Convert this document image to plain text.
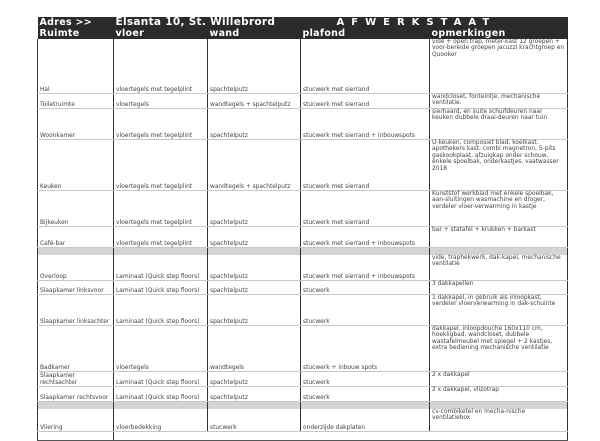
Adres >>	Elsanta 10, St. Willebrord		AFWERKSTAAT	
Ruimte	vloer	wand	plafond	opmerkingen
Hal	vloertegels met tegelplint	spachtelputz	stucwerk met sierrand	vide + open trap, meter-kast 12 groepen + voor-bereide groepen jacuzzi krachtgroep en Quooker
Toiletruimte	vloertegels	wandtegels + spachtelputz	stucwerk met sierrand	wandcloset, fonteintje, mechanische ventilatie.
Woonkamer	vloertegels met tegelplint	spachtelputz	stucwerk met sierrand + inbouwspots	sierhaard, en suite schuifdeuren naar keuken dubbele draai-deuren naar tuin
Keuken	vloertegels met tegelplint	wandtegels + spachtelputz	stucwerk met sierrand	U-keuken, composiet blad, koelkast, apothekers kast, combi magnetron, 5-pits gaskookplaat, afzuigkap onder schouw, enkele spoelbak, onderkastjes, vaatwasser 2018
Bijkeuken	vloertegels met tegelplint	spachtelputz	stucwerk met sierrand	Kunststof werkblad met enkele spoelbak, aan-sluitingen wasmachine en droger, verdeler vloer-verwarming in kastje
Café-bar	vloertegels met tegelplint	spachtelputz	stucwerk met sierrand + inbouwspots	bar + statafel + krukken + barkast

Overloop	Laminaat (Quick step floors)	spachtelputz	stucwerk met sierrand + inbouwspots	vide, traphekwerk, dak-kapel, mechanische ventilatie
Slaapkamer linksvoor	Laminaat (Quick step floors)	spachtelputz	stucwerk	3 dakkapellen
Slaapkamer linksachter	Laminaat (Quick step floors)	spachtelputz	stucwerk	1 dakkapel, in gebruik als inloopkast, verdeler vloerverwarming in dak-schuinte
Badkamer	vloertegels	wandtegels	stucwerk + inbouw spots	dakkapel, inloopdouche 160x110 cm, hoekligbad, wandcloset, dubbele wastafelmeubel met spiegel + 2 kastjes, extra bediening mechanische ventilatie
Slaapkamer rechtsachter	Laminaat (Quick step floors)	spachtelputz	stucwerk	2 x dakkapel
Slaapkamer rechtsvoor	Laminaat (Quick step floors)	spachtelputz	stucwerk	2 x dakkapel, vlizotrap

Vliering	vloerbedekking	stucwerk	onderzijde dakplaten	cv-combiketel en mecha-nische ventilatiebox
